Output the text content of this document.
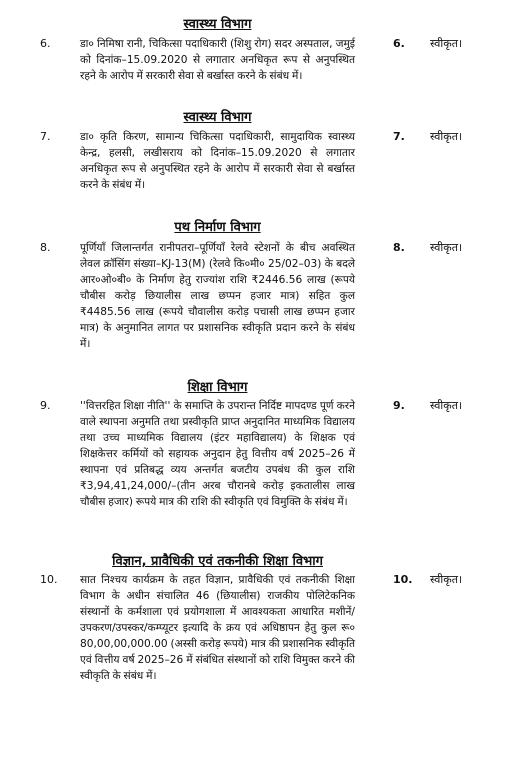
स्वास्थ्य विभाग
6.	डा० निमिषा रानी, चिकित्सा पदाधिकारी (शिशु रोग) सदर अस्पताल, जमुई को दिनांक–15.09.2020 से लगातार अनधिकृत रूप से अनुपस्थित रहने के आरोप में सरकारी सेवा से बर्खास्त करने के संबंध में।

6.	स्वीकृत।
स्वास्थ्य विभाग
7.	डा० कृति किरण, सामान्य चिकित्सा पदाधिकारी, सामुदायिक स्वास्थ्य केन्द्र, हलसी, लखीसराय को दिनांक–15.09.2020 से लगातार अनधिकृत रूप से अनुपस्थित रहने के आरोप में सरकारी सेवा से बर्खास्त करने के संबंध में।

7.	स्वीकृत।
पथ निर्माण विभाग
8.	पूर्णियाँ जिलान्तर्गत रानीपतरा–पूर्णियाँ रेलवे स्टेशनों के बीच अवस्थित लेवल क्रॉसिंग संख्या–KJ-13(M) (रेलवे कि०मी० 25/02–03) के बदले आर०ओ०बी० के निर्माण हेतु राज्यांश राशि ₹2446.56 लाख (रूपये चौबीस करोड़ छियालीस लाख छप्पन हजार मात्र) सहित कुल ₹4485.56 लाख (रूपये चौवालीस करोड़ पचासी लाख छप्पन हजार मात्र) के अनुमानित लागत पर प्रशासनिक स्वीकृति प्रदान करने के संबंध में।

8.	स्वीकृत।
शिक्षा विभाग
9.	''वित्तरहित शिक्षा नीति'' के समाप्ति के उपरान्त निर्दिष्ट मापदण्ड पूर्ण करने वाले स्थापना अनुमति तथा प्रस्वीकृति प्राप्त अनुदानित माध्यमिक विद्यालय तथा उच्च माध्यमिक विद्यालय (इंटर महाविद्यालय) के शिक्षक एवं शिक्षकेत्तर कर्मियों को सहायक अनुदान हेतु वित्तीय वर्ष 2025–26 में स्थापना एवं प्रतिबद्ध व्यय अन्तर्गत बजटीय उपबंध की कुल राशि ₹3,94,41,24,000/–(तीन अरब चौरानबे करोड़ इकतालीस लाख चौबीस हजार) रूपये मात्र की राशि की स्वीकृति एवं विमुक्ति के संबंध में।

9.	स्वीकृत।
विज्ञान, प्रावैधिकी एवं तकनीकी शिक्षा विभाग
10.	सात निश्चय कार्यक्रम के तहत विज्ञान, प्रावैधिकी एवं तकनीकी शिक्षा विभाग के अधीन संचालित 46 (छियालीस) राजकीय पोलिटेकनिक संस्थानों के कर्मशाला एवं प्रयोगशाला में आवश्यकता आधारित मशीनें/उपकरण/उपस्कर/कम्प्यूटर इत्यादि के क्रय एवं अधिष्ठापन हेतु कुल रू० 80,00,00,000.00 (अस्सी करोड़ रूपये) मात्र की प्रशासनिक स्वीकृति एवं वित्तीय वर्ष 2025–26 में संबंधित संस्थानों को राशि विमुक्त करने की स्वीकृति के संबंध में।

10. स्वीकृत।
